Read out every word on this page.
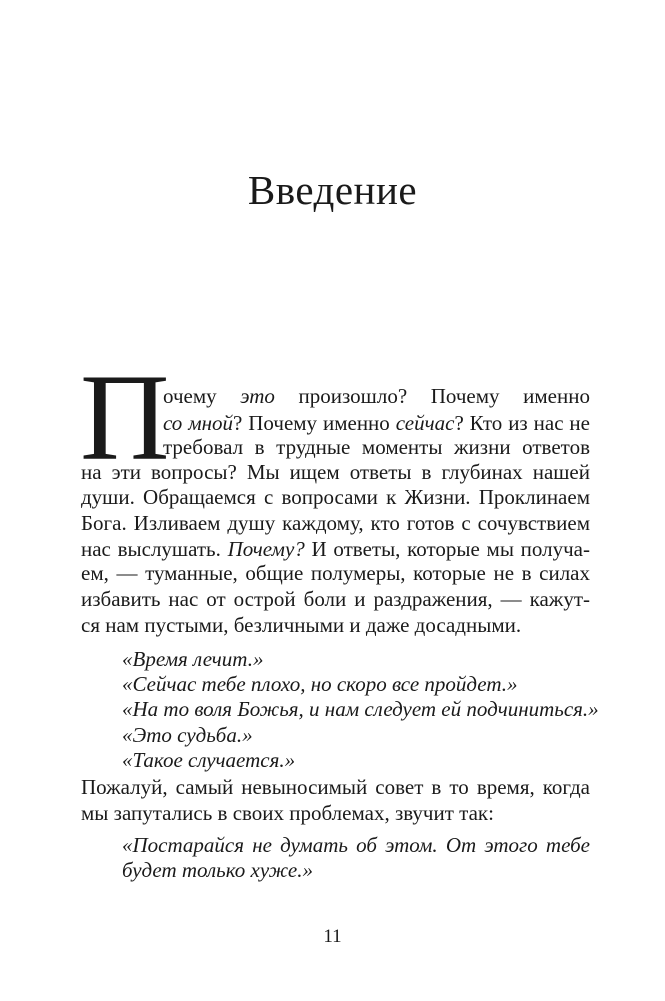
Введение
П
очему это произошло? Почему именно
со мной? Почему именно сейчас? Кто из нас не
требовал в трудные моменты жизни ответов
на эти вопросы? Мы ищем ответы в глубинах нашей
души. Обращаемся с вопросами к Жизни. Проклинаем
Бога. Изливаем душу каждому, кто готов с сочувствием
нас выслушать. Почему? И ответы, которые мы получа-
ем, — туманные, общие полумеры, которые не в силах
избавить нас от острой боли и раздражения, — кажут-
ся нам пустыми, безличными и даже досадными.
«Время лечит.»
«Сейчас тебе плохо, но скоро все пройдет.»
«На то воля Божья, и нам следует ей подчиниться.»
«Это судьба.»
«Такое случается.»
Пожалуй, самый невыносимый совет в то время, когда
мы запутались в своих проблемах, звучит так:
«Постарайся не думать об этом. От этого тебе
будет только хуже.»
11
